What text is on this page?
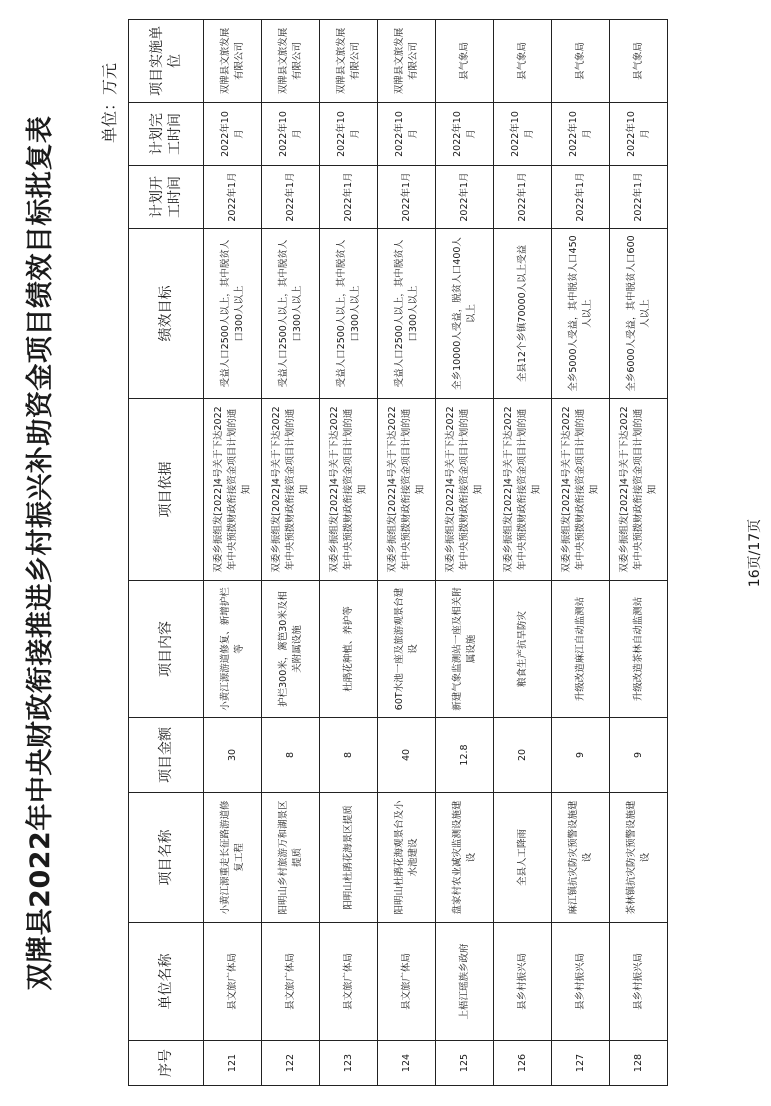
双牌县2022年中央财政衔接推进乡村振兴补助资金项目绩效目标批复表
单位：万元
序号	单位名称	项目名称	项目金额	项目内容	项目依据	绩效目标	计划开工时间	计划完工时间	项目实施单位
121	县文旅广体局	小黄江源重走长征路游道修复工程	30	小黄江源游道修复、新增护栏等	双委乡振组发[2022]4号关于下达2022年中央预拨财政衔接资金项目计划的通知	受益人口2500人以上，其中脱贫人口300人以上	2022年1月	2022年10月	双牌县文旅发展有限公司
122	县文旅广体局	阳明山乡村旅游万和湖景区提质	8	护栏300米，篱笆30米及相关附属设施	双委乡振组发[2022]4号关于下达2022年中央预拨财政衔接资金项目计划的通知	受益人口2500人以上，其中脱贫人口300人以上	2022年1月	2022年10月	双牌县文旅发展有限公司
123	县文旅广体局	阳明山杜鹃花海景区提质	8	杜鹃花种植、养护等	双委乡振组发[2022]4号关于下达2022年中央预拨财政衔接资金项目计划的通知	受益人口2500人以上，其中脱贫人口300人以上	2022年1月	2022年10月	双牌县文旅发展有限公司
124	县文旅广体局	阳明山杜鹃花海观景台及小水池建设	40	60T水池一座及旅游观景台建设	双委乡振组发[2022]4号关于下达2022年中央预拨财政衔接资金项目计划的通知	受益人口2500人以上，其中脱贫人口300人以上	2022年1月	2022年10月	双牌县文旅发展有限公司
125	上梧江瑶族乡政府	盘家村农业减灾监测设施建设	12.8	新建气象监测站一座及相关附属设施	双委乡振组发[2022]4号关于下达2022年中央预拨财政衔接资金项目计划的通知	全乡10000人受益，脱贫人口400人以上	2022年1月	2022年10月	县气象局
126	县乡村振兴局	全县人工降雨	20	粮食生产抗旱防灾	双委乡振组发[2022]4号关于下达2022年中央预拨财政衔接资金项目计划的通知	全县12个乡镇70000人以上受益	2022年1月	2022年10月	县气象局
127	县乡村振兴局	麻江镇抗灾防灾预警设施建设	9	升级改造麻江自动监测站	双委乡振组发[2022]4号关于下达2022年中央预拨财政衔接资金项目计划的通知	全乡5000人受益，其中脱贫人口450人以上	2022年1月	2022年10月	县气象局
128	县乡村振兴局	茶林镇抗灾防灾预警设施建设	9	升级改造茶林自动监测站	双委乡振组发[2022]4号关于下达2022年中央预拨财政衔接资金项目计划的通知	全乡6000人受益，其中脱贫人口600人以上	2022年1月	2022年10月	县气象局
16页/17页
